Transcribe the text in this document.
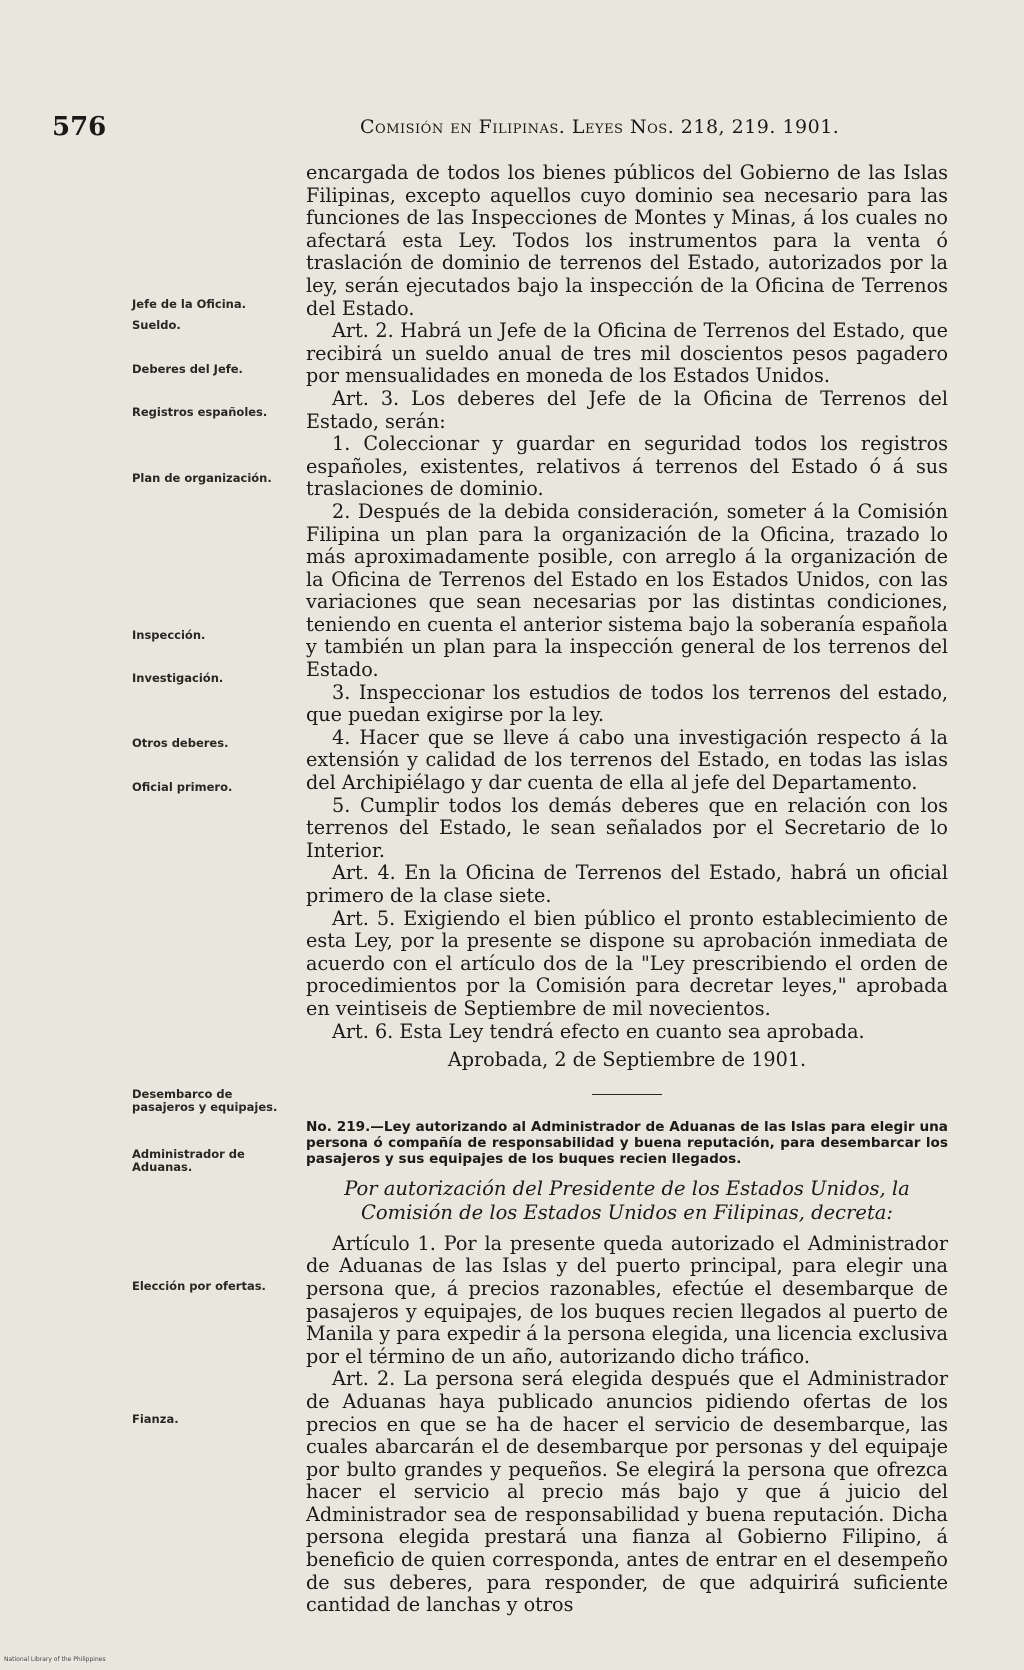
576	Comisión en Filipinas. Leyes Nos. 218, 219. 1901.
Jefe de la Oficina.
Sueldo.
Deberes del Jefe.
Registros españoles.
Plan de organización.
Inspección.
Investigación.
Otros deberes.
Oficial primero.
Desembarco de pasajeros y equipajes.
Administrador de Aduanas.
Elección por ofertas.
Fianza.

encargada de todos los bienes públicos del Gobierno de las Islas Filipinas, excepto aquellos cuyo dominio sea necesario para las funciones de las Inspecciones de Montes y Minas, á los cuales no afectará esta Ley. Todos los instrumentos para la venta ó traslación de dominio de terrenos del Estado, autorizados por la ley, serán ejecutados bajo la inspección de la Oficina de Terrenos del Estado.

Art. 2. Habrá un Jefe de la Oficina de Terrenos del Estado, que recibirá un sueldo anual de tres mil doscientos pesos pagadero por mensualidades en moneda de los Estados Unidos.

Art. 3. Los deberes del Jefe de la Oficina de Terrenos del Estado, serán:

1. Coleccionar y guardar en seguridad todos los registros españoles, existentes, relativos á terrenos del Estado ó á sus traslaciones de dominio.

2. Después de la debida consideración, someter á la Comisión Filipina un plan para la organización de la Oficina, trazado lo más aproximadamente posible, con arreglo á la organización de la Oficina de Terrenos del Estado en los Estados Unidos, con las variaciones que sean necesarias por las distintas condiciones, teniendo en cuenta el anterior sistema bajo la soberanía española y también un plan para la inspección general de los terrenos del Estado.

3. Inspeccionar los estudios de todos los terrenos del estado, que puedan exigirse por la ley.

4. Hacer que se lleve á cabo una investigación respecto á la extensión y calidad de los terrenos del Estado, en todas las islas del Archipiélago y dar cuenta de ella al jefe del Departamento.

5. Cumplir todos los demás deberes que en relación con los terrenos del Estado, le sean señalados por el Secretario de lo Interior.

Art. 4. En la Oficina de Terrenos del Estado, habrá un oficial primero de la clase siete.

Art. 5. Exigiendo el bien público el pronto establecimiento de esta Ley, por la presente se dispone su aprobación inmediata de acuerdo con el artículo dos de la "Ley prescribiendo el orden de procedimientos por la Comisión para decretar leyes," aprobada en veintiseis de Septiembre de mil novecientos.

Art. 6. Esta Ley tendrá efecto en cuanto sea aprobada.

Aprobada, 2 de Septiembre de 1901.

No. 219.—Ley autorizando al Administrador de Aduanas de las Islas para elegir una persona ó compañía de responsabilidad y buena reputación, para desembarcar los pasajeros y sus equipajes de los buques recien llegados.

Por autorización del Presidente de los Estados Unidos, la Comisión de los Estados Unidos en Filipinas, decreta:

Artículo 1. Por la presente queda autorizado el Administrador de Aduanas de las Islas y del puerto principal, para elegir una persona que, á precios razonables, efectúe el desembarque de pasajeros y equipajes, de los buques recien llegados al puerto de Manila y para expedir á la persona elegida, una licencia exclusiva por el término de un año, autorizando dicho tráfico.

Art. 2. La persona será elegida después que el Administrador de Aduanas haya publicado anuncios pidiendo ofertas de los precios en que se ha de hacer el servicio de desembarque, las cuales abarcarán el de desembarque por personas y del equipaje por bulto grandes y pequeños. Se elegirá la persona que ofrezca hacer el servicio al precio más bajo y que á juicio del Administrador sea de responsabilidad y buena reputación. Dicha persona elegida prestará una fianza al Gobierno Filipino, á beneficio de quien corresponda, antes de entrar en el desempeño de sus deberes, para responder, de que adquirirá suficiente cantidad de lanchas y otros

National Library of the Philippines
